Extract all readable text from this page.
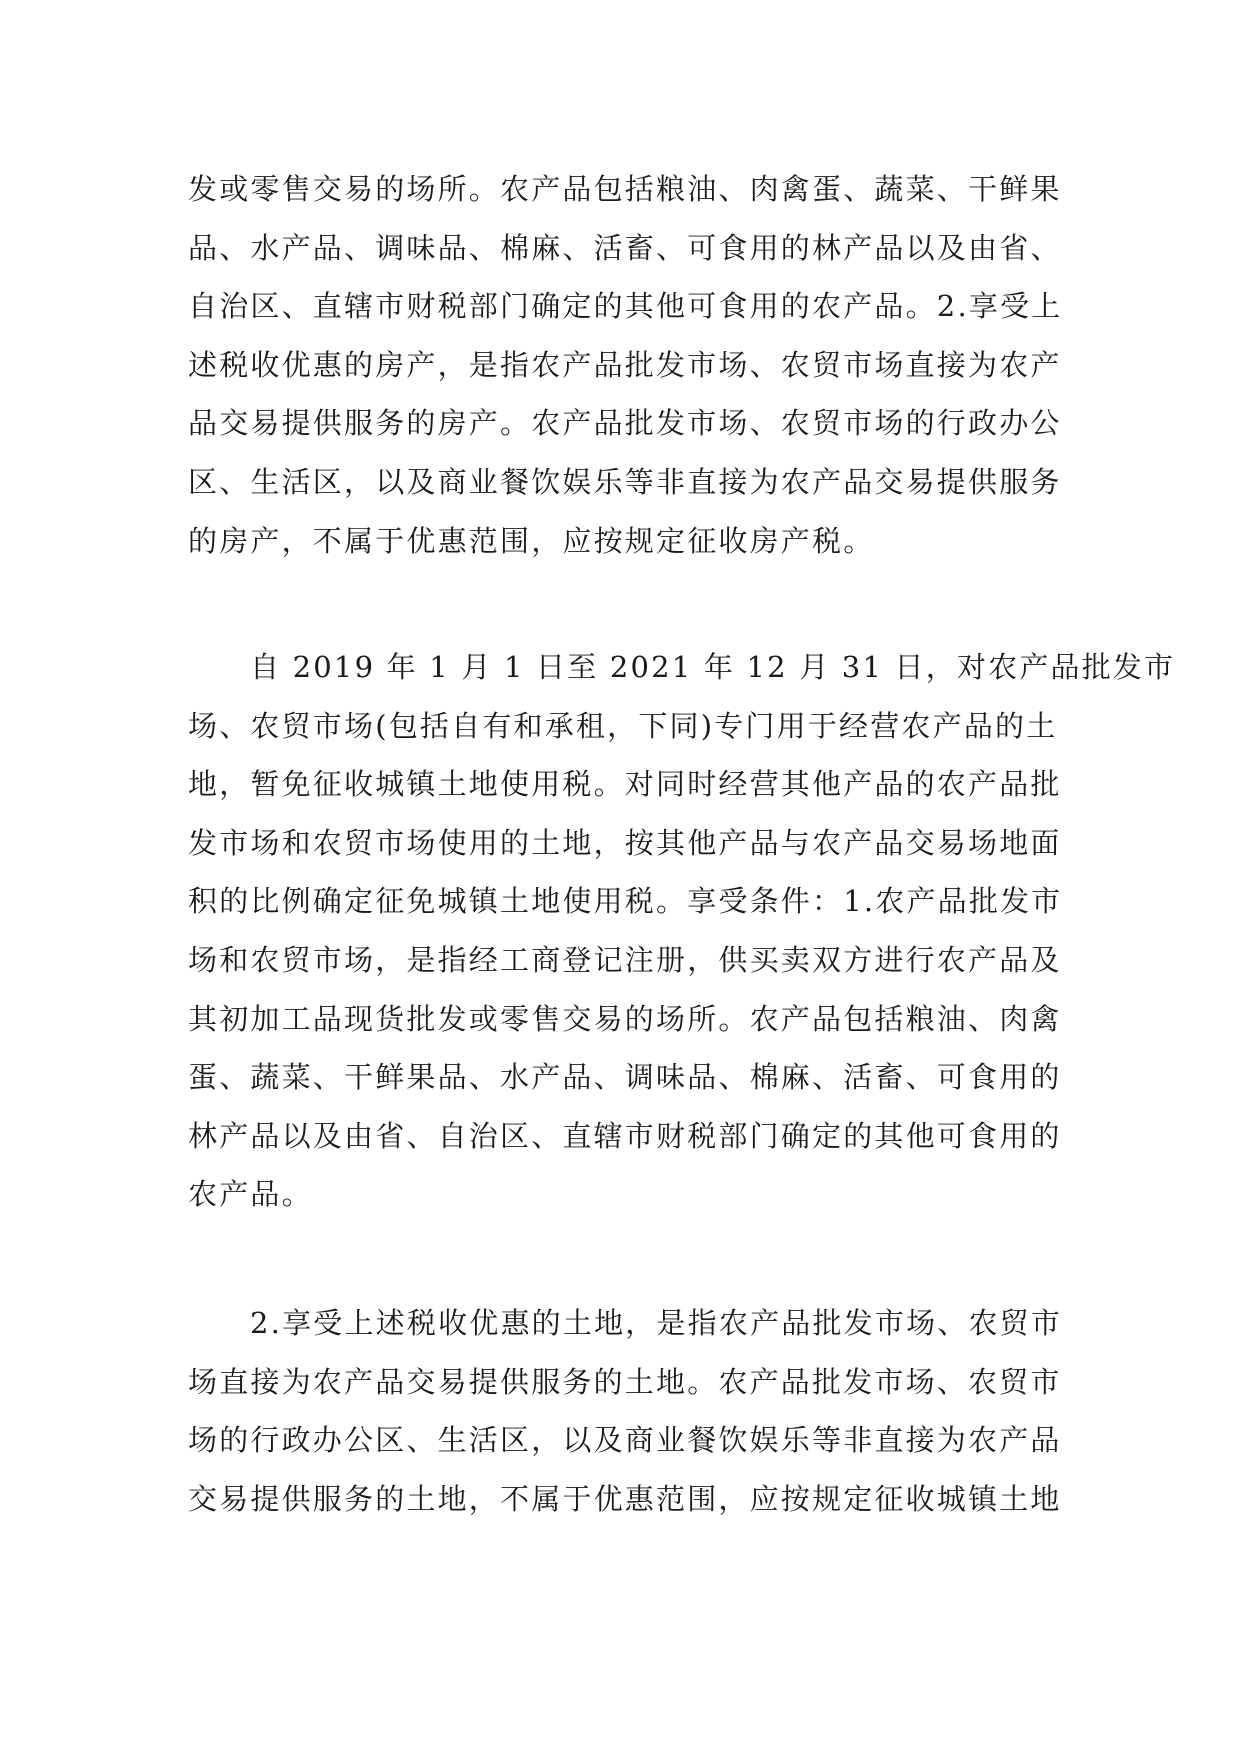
发或零售交易的场所。农产品包括粮油、肉禽蛋、蔬菜、干鲜果
品、水产品、调味品、棉麻、活畜、可食用的林产品以及由省、
自治区、直辖市财税部门确定的其他可食用的农产品。2.享受上
述税收优惠的房产，是指农产品批发市场、农贸市场直接为农产
品交易提供服务的房产。农产品批发市场、农贸市场的行政办公
区、生活区，以及商业餐饮娱乐等非直接为农产品交易提供服务
的房产，不属于优惠范围，应按规定征收房产税。
自 2019 年 1 月 1 日至 2021 年 12 月 31 日，对农产品批发市
场、农贸市场(包括自有和承租，下同)专门用于经营农产品的土
地，暂免征收城镇土地使用税。对同时经营其他产品的农产品批
发市场和农贸市场使用的土地，按其他产品与农产品交易场地面
积的比例确定征免城镇土地使用税。享受条件：1.农产品批发市
场和农贸市场，是指经工商登记注册，供买卖双方进行农产品及
其初加工品现货批发或零售交易的场所。农产品包括粮油、肉禽
蛋、蔬菜、干鲜果品、水产品、调味品、棉麻、活畜、可食用的
林产品以及由省、自治区、直辖市财税部门确定的其他可食用的
农产品。
2.享受上述税收优惠的土地，是指农产品批发市场、农贸市
场直接为农产品交易提供服务的土地。农产品批发市场、农贸市
场的行政办公区、生活区，以及商业餐饮娱乐等非直接为农产品
交易提供服务的土地，不属于优惠范围，应按规定征收城镇土地
